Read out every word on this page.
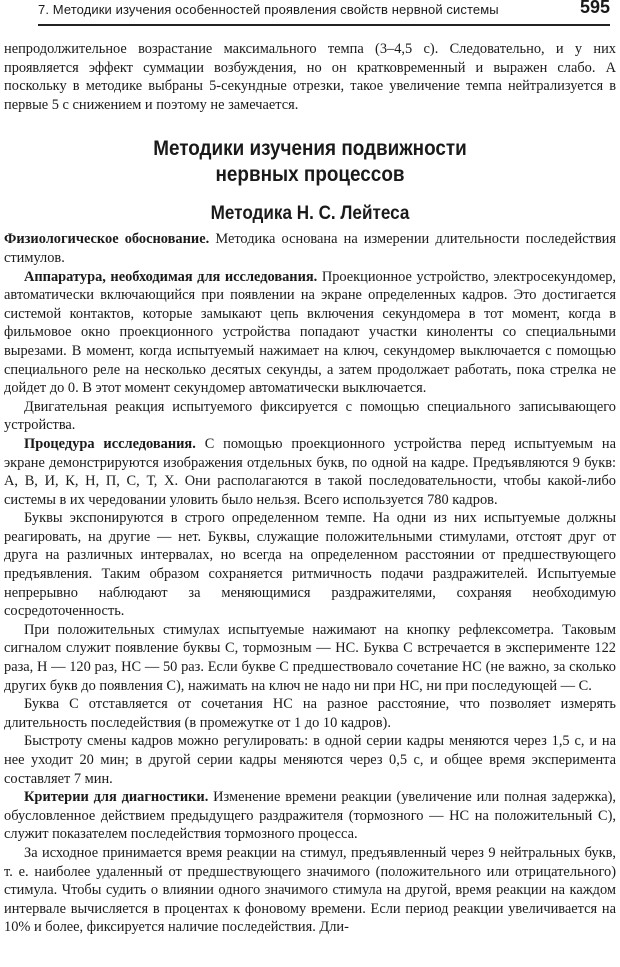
7. Методики изучения особенностей проявления свойств нервной системы	595

непродолжительное возрастание максимального темпа (3–4,5 с). Следовательно, и у них проявляется эффект суммации возбуждения, но он кратковременный и выражен слабо. А поскольку в методике выбраны 5-секундные отрезки, такое увеличение темпа нейтрализуется в первые 5 с снижением и поэтому не замечается.

Методики изучения подвижности
нервных процессов
Методика Н. С. Лейтеса

Физиологическое обоснование. Методика основана на измерении длительности последействия стимулов.

Аппаратура, необходимая для исследования. Проекционное устройство, электросекундомер, автоматически включающийся при появлении на экране определенных кадров. Это достигается системой контактов, которые замыкают цепь включения секундомера в тот момент, когда в фильмовое окно проекционного устройства попадают участки киноленты со специальными вырезами. В момент, когда испытуемый нажимает на ключ, секундомер выключается с помощью специального реле на несколько десятых секунды, а затем продолжает работать, пока стрелка не дойдет до 0. В этот момент секундомер автоматически выключается.

Двигательная реакция испытуемого фиксируется с помощью специального записывающего устройства.

Процедура исследования. С помощью проекционного устройства перед испытуемым на экране демонстрируются изображения отдельных букв, по одной на кадре. Предъявляются 9 букв: А, В, И, К, Н, П, С, Т, Х. Они располагаются в такой последовательности, чтобы какой-либо системы в их чередовании уловить было нельзя. Всего используется 780 кадров.

Буквы экспонируются в строго определенном темпе. На одни из них испытуемые должны реагировать, на другие — нет. Буквы, служащие положительными стимулами, отстоят друг от друга на различных интервалах, но всегда на определенном расстоянии от предшествующего предъявления. Таким образом сохраняется ритмичность подачи раздражителей. Испытуемые непрерывно наблюдают за меняющимися раздражителями, сохраняя необходимую сосредоточенность.

При положительных стимулах испытуемые нажимают на кнопку рефлексометра. Таковым сигналом служит появление буквы С, тормозным — НС. Буква С встречается в эксперименте 122 раза, Н — 120 раз, НС — 50 раз. Если букве С предшествовало сочетание НС (не важно, за сколько других букв до появления С), нажимать на ключ не надо ни при НС, ни при последующей — С.

Буква С отставляется от сочетания НС на разное расстояние, что позволяет измерять длительность последействия (в промежутке от 1 до 10 кадров).

Быстроту смены кадров можно регулировать: в одной серии кадры меняются через 1,5 с, и на нее уходит 20 мин; в другой серии кадры меняются через 0,5 с, и общее время эксперимента составляет 7 мин.

Критерии для диагностики. Изменение времени реакции (увеличение или полная задержка), обусловленное действием предыдущего раздражителя (тормозного — НС на положительный С), служит показателем последействия тормозного процесса.

За исходное принимается время реакции на стимул, предъявленный через 9 нейтральных букв, т. е. наиболее удаленный от предшествующего значимого (положительного или отрицательного) стимула. Чтобы судить о влиянии одного значимого стимула на другой, время реакции на каждом интервале вычисляется в процентах к фоновому времени. Если период реакции увеличивается на 10% и более, фиксируется наличие последействия. Дли-
